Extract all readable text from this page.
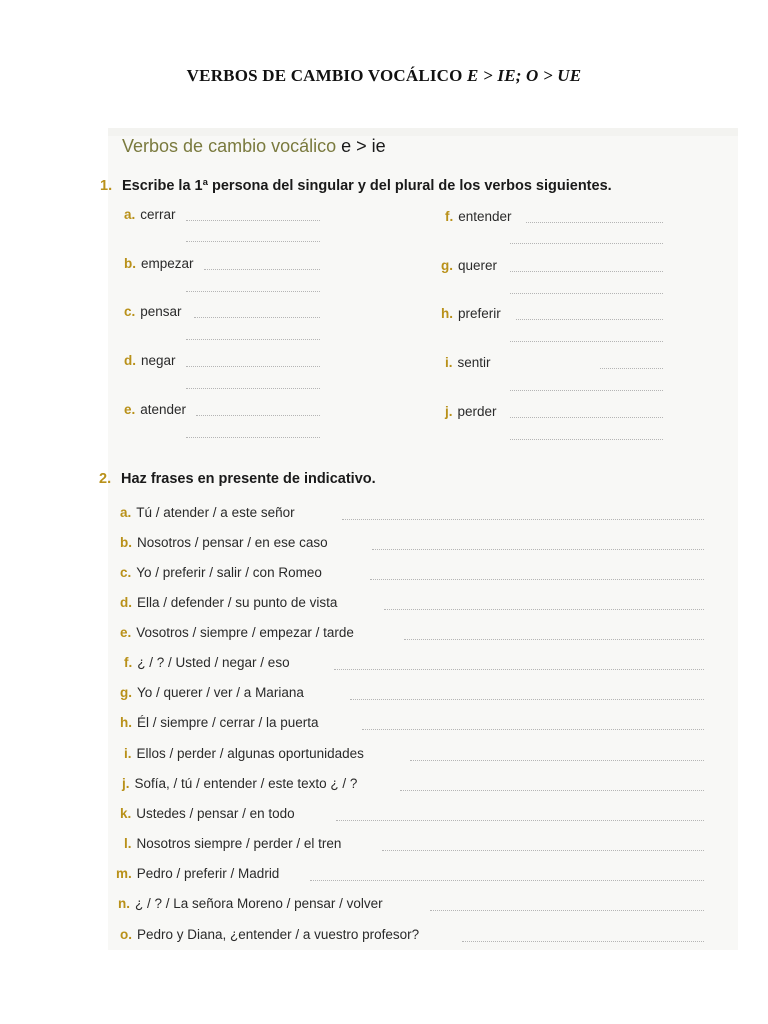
VERBOS DE CAMBIO VOCÁLICO E > IE; O > UE
Verbos de cambio vocálico e > ie
1. Escribe la 1ª persona del singular y del plural de los verbos siguientes.
a. cerrar
b. empezar
c. pensar
d. negar
e. atender
f. entender
g. querer
h. preferir
i. sentir
j. perder
2. Haz frases en presente de indicativo.
a. Tú / atender / a este señor
b. Nosotros / pensar / en ese caso
c. Yo / preferir / salir / con Romeo
d. Ella / defender / su punto de vista
e. Vosotros / siempre / empezar / tarde
f. ¿ / ? / Usted / negar / eso
g. Yo / querer / ver / a Mariana
h. Él / siempre / cerrar / la puerta
i. Ellos / perder / algunas oportunidades
j. Sofía, / tú / entender / este texto ¿ / ?
k. Ustedes / pensar / en todo
l. Nosotros siempre / perder / el tren
m. Pedro / preferir / Madrid
n. ¿ / ? / La señora Moreno / pensar / volver
o. Pedro y Diana, ¿entender / a vuestro profesor?
